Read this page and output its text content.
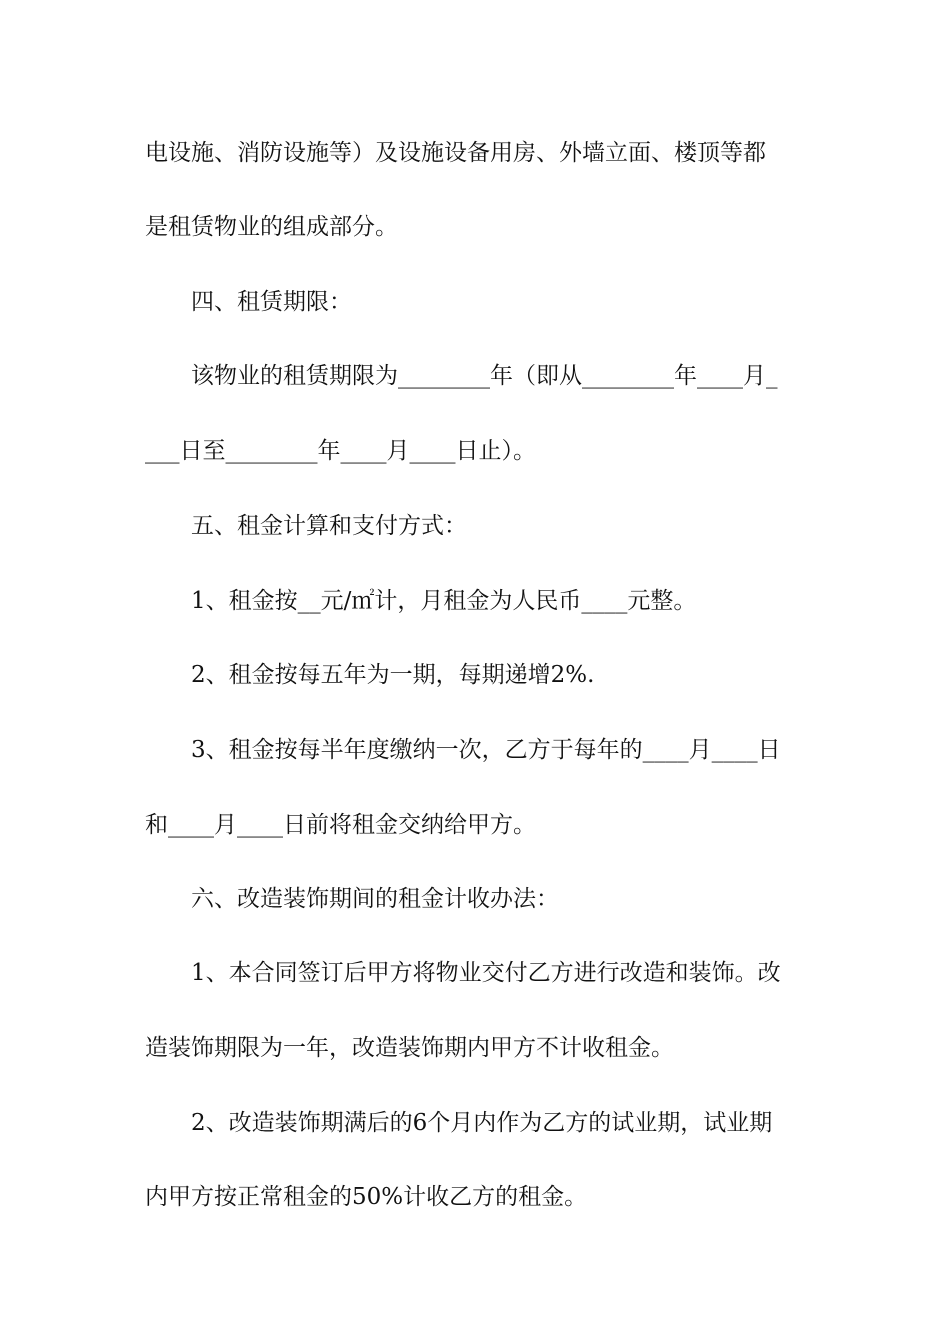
电设施、消防设施等）及设施设备用房、外墙立面、楼顶等都
是租赁物业的组成部分。
　　四、租赁期限：
　　该物业的租赁期限为________年（即从________年____月_
___日至________年____月____日止）。
　　五、租金计算和支付方式：
　　1、租金按__元/㎡计，月租金为人民币____元整。
　　2、租金按每五年为一期，每期递增2%.
　　3、租金按每半年度缴纳一次，乙方于每年的____月____日
和____月____日前将租金交纳给甲方。
　　六、改造装饰期间的租金计收办法：
　　1、本合同签订后甲方将物业交付乙方进行改造和装饰。改
造装饰期限为一年，改造装饰期内甲方不计收租金。
　　2、改造装饰期满后的6个月内作为乙方的试业期，试业期
内甲方按正常租金的50%计收乙方的租金。
